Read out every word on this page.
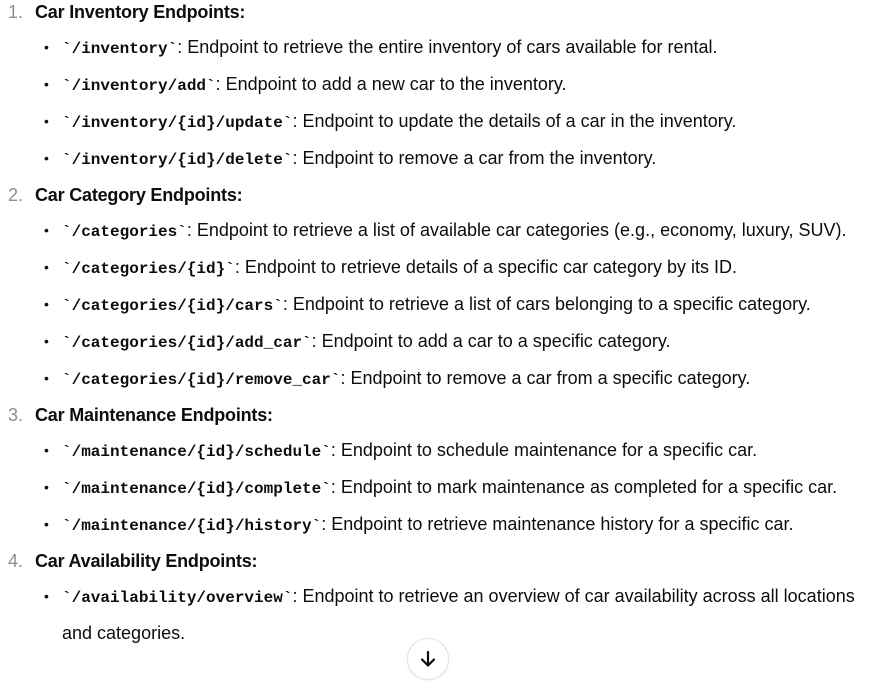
1. Car Inventory Endpoints:
• `/inventory`: Endpoint to retrieve the entire inventory of cars available for rental.
• `/inventory/add`: Endpoint to add a new car to the inventory.
• `/inventory/{id}/update`: Endpoint to update the details of a car in the inventory.
• `/inventory/{id}/delete`: Endpoint to remove a car from the inventory.
2. Car Category Endpoints:
• `/categories`: Endpoint to retrieve a list of available car categories (e.g., economy, luxury, SUV).
• `/categories/{id}`: Endpoint to retrieve details of a specific car category by its ID.
• `/categories/{id}/cars`: Endpoint to retrieve a list of cars belonging to a specific category.
• `/categories/{id}/add_car`: Endpoint to add a car to a specific category.
• `/categories/{id}/remove_car`: Endpoint to remove a car from a specific category.
3. Car Maintenance Endpoints:
• `/maintenance/{id}/schedule`: Endpoint to schedule maintenance for a specific car.
• `/maintenance/{id}/complete`: Endpoint to mark maintenance as completed for a specific car.
• `/maintenance/{id}/history`: Endpoint to retrieve maintenance history for a specific car.
4. Car Availability Endpoints:
• `/availability/overview`: Endpoint to retrieve an overview of car availability across all locations and categories.
